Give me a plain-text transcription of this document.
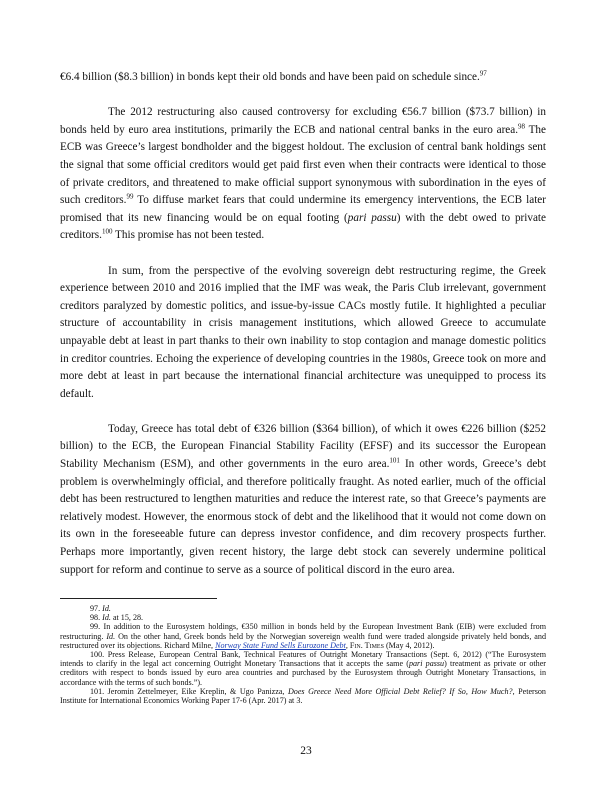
€6.4 billion ($8.3 billion) in bonds kept their old bonds and have been paid on schedule since.$^{97}$

The 2012 restructuring also caused controversy for excluding €56.7 billion ($73.7 billion) in bonds held by euro area institutions, primarily the ECB and national central banks in the euro area.$^{98}$ The ECB was Greece’s largest bondholder and the biggest holdout. The exclusion of central bank holdings sent the signal that some official creditors would get paid first even when their contracts were identical to those of private creditors, and threatened to make official support synonymous with subordination in the eyes of such creditors.$^{99}$ To diffuse market fears that could undermine its emergency interventions, the ECB later promised that its new financing would be on equal footing (pari passu) with the debt owed to private creditors.$^{100}$ This promise has not been tested.

In sum, from the perspective of the evolving sovereign debt restructuring regime, the Greek experience between 2010 and 2016 implied that the IMF was weak, the Paris Club irrelevant, government creditors paralyzed by domestic politics, and issue-by-issue CACs mostly futile. It highlighted a peculiar structure of accountability in crisis management institutions, which allowed Greece to accumulate unpayable debt at least in part thanks to their own inability to stop contagion and manage domestic politics in creditor countries. Echoing the experience of developing countries in the 1980s, Greece took on more and more debt at least in part because the international financial architecture was unequipped to process its default.

Today, Greece has total debt of €326 billion ($364 billion), of which it owes €226 billion ($252 billion) to the ECB, the European Financial Stability Facility (EFSF) and its successor the European Stability Mechanism (ESM), and other governments in the euro area.$^{101}$ In other words, Greece’s debt problem is overwhelmingly official, and therefore politically fraught. As noted earlier, much of the official debt has been restructured to lengthen maturities and reduce the interest rate, so that Greece’s payments are relatively modest. However, the enormous stock of debt and the likelihood that it would not come down on its own in the foreseeable future can depress investor confidence, and dim recovery prospects further. Perhaps more importantly, given recent history, the large debt stock can severely undermine political support for reform and continue to serve as a source of political discord in the euro area.

97. Id.

98. Id. at 15, 28.

99. In addition to the Eurosystem holdings, €350 million in bonds held by the European Investment Bank (EIB) were excluded from restructuring. Id. On the other hand, Greek bonds held by the Norwegian sovereign wealth fund were traded alongside privately held bonds, and restructured over its objections. Richard Milne, Norway State Fund Sells Eurozone Debt, Fin. Times (May 4, 2012).

100. Press Release, European Central Bank, Technical Features of Outright Monetary Transactions (Sept. 6, 2012) (“The Eurosystem intends to clarify in the legal act concerning Outright Monetary Transactions that it accepts the same (pari passu) treatment as private or other creditors with respect to bonds issued by euro area countries and purchased by the Eurosystem through Outright Monetary Transactions, in accordance with the terms of such bonds.”).

101. Jeromin Zettelmeyer, Eike Kreplin, & Ugo Panizza, Does Greece Need More Official Debt Relief? If So, How Much?, Peterson Institute for International Economics Working Paper 17-6 (Apr. 2017) at 3.

23
